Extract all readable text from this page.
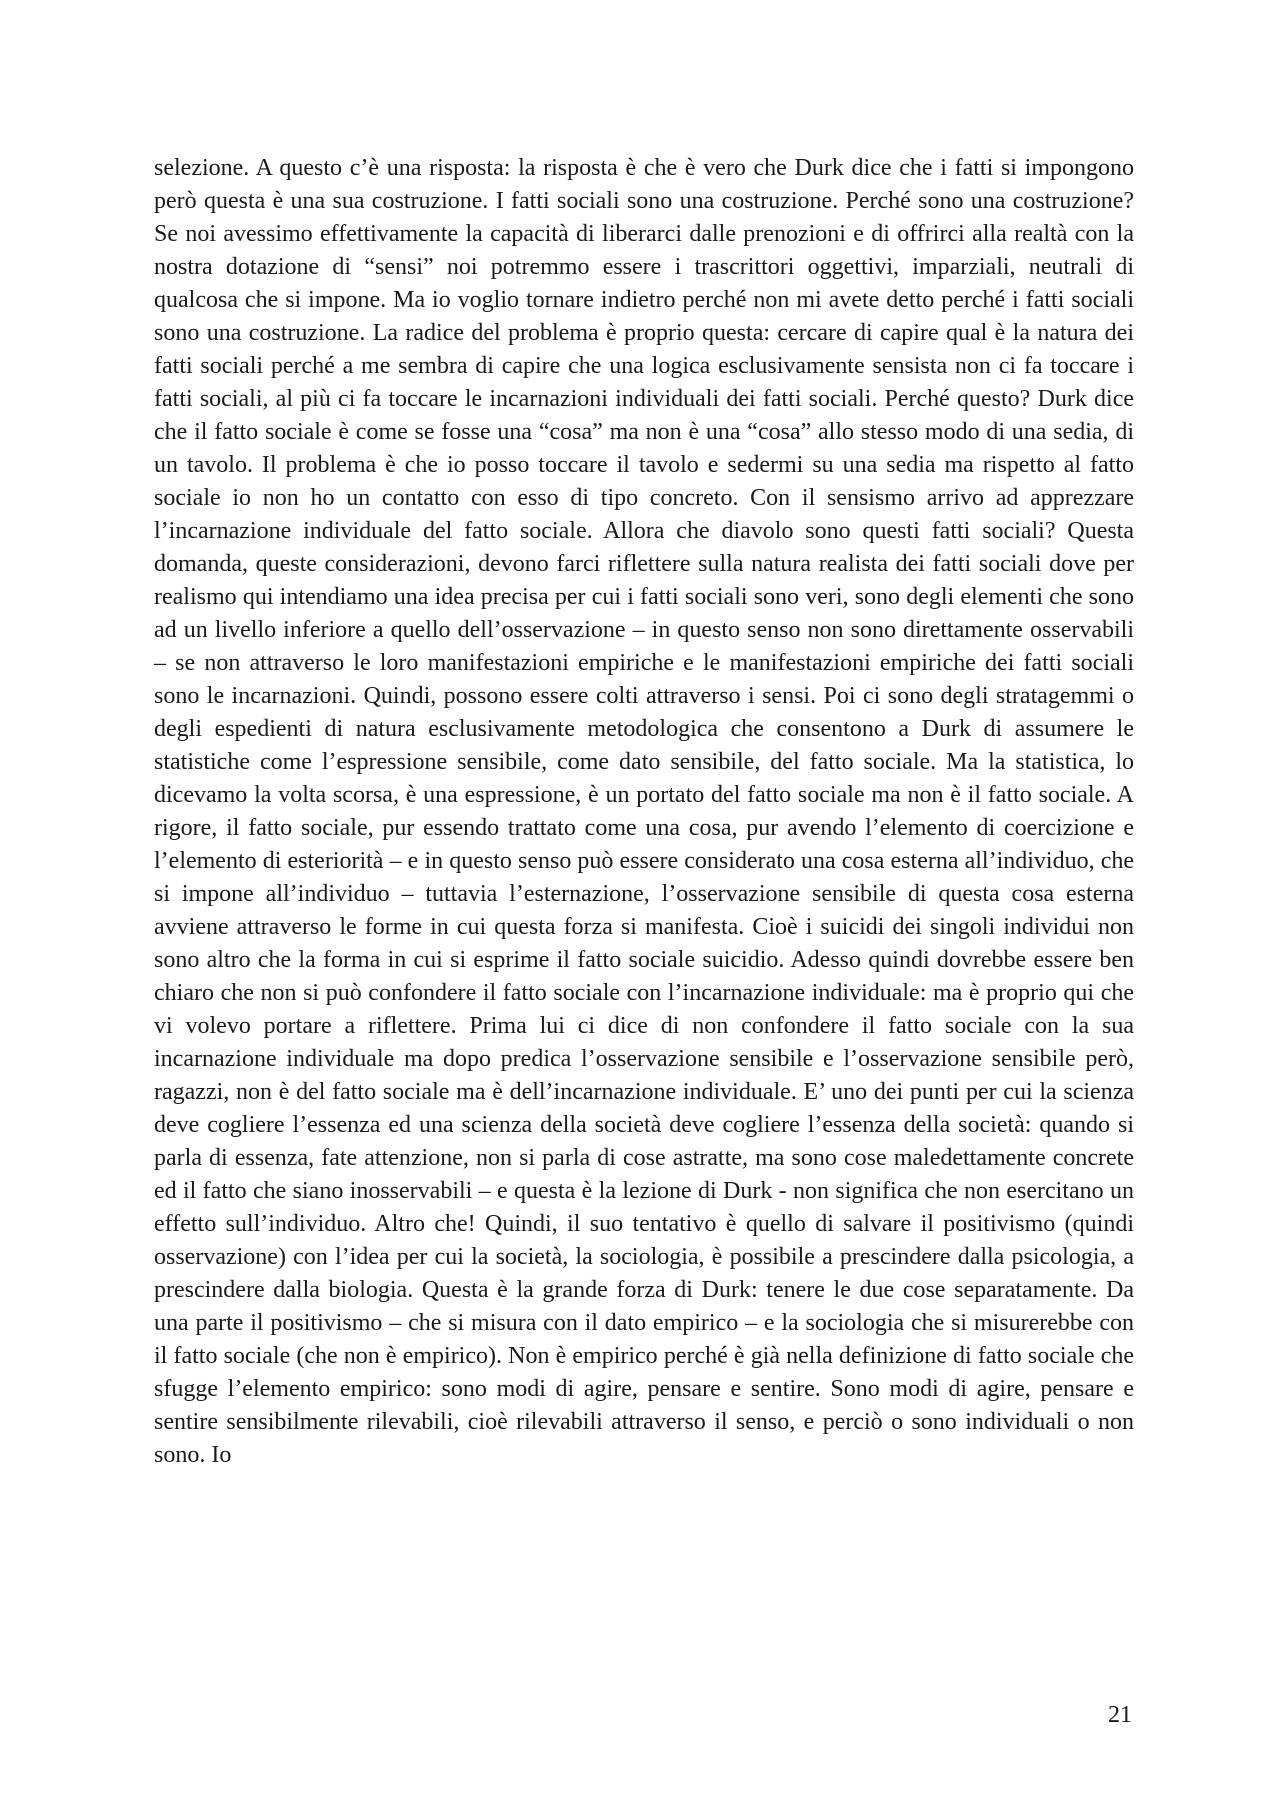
selezione. A questo c’è una risposta: la risposta è che è vero che Durk dice che i fatti si impongono però questa è una sua costruzione. I fatti sociali sono una costruzione. Perché sono una costruzione? Se noi avessimo effettivamente la capacità di liberarci dalle prenozioni e di offrirci alla realtà con la nostra dotazione di “sensi” noi potremmo essere i trascrittori oggettivi, imparziali, neutrali di qualcosa che si impone. Ma io voglio tornare indietro perché non mi avete detto perché i fatti sociali sono una costruzione. La radice del problema è proprio questa: cercare di capire qual è la natura dei fatti sociali perché a me sembra di capire che una logica esclusivamente sensista non ci fa toccare i fatti sociali, al più ci fa toccare le incarnazioni individuali dei fatti sociali. Perché questo? Durk dice che il fatto sociale è come se fosse una “cosa” ma non è una “cosa” allo stesso modo di una sedia, di un tavolo. Il problema è che io posso toccare il tavolo e sedermi su una sedia ma rispetto al fatto sociale io non ho un contatto con esso di tipo concreto. Con il sensismo arrivo ad apprezzare l’incarnazione individuale del fatto sociale. Allora che diavolo sono questi fatti sociali? Questa domanda, queste considerazioni, devono farci riflettere sulla natura realista dei fatti sociali dove per realismo qui intendiamo una idea precisa per cui i fatti sociali sono veri, sono degli elementi che sono ad un livello inferiore a quello dell’osservazione – in questo senso non sono direttamente osservabili – se non attraverso le loro manifestazioni empiriche e le manifestazioni empiriche dei fatti sociali sono le incarnazioni. Quindi, possono essere colti attraverso i sensi. Poi ci sono degli stratagemmi o degli espedienti di natura esclusivamente metodologica che consentono a Durk di assumere le statistiche come l’espressione sensibile, come dato sensibile, del fatto sociale. Ma la statistica, lo dicevamo la volta scorsa, è una espressione, è un portato del fatto sociale ma non è il fatto sociale. A rigore, il fatto sociale, pur essendo trattato come una cosa, pur avendo l’elemento di coercizione e l’elemento di esteriorità – e in questo senso può essere considerato una cosa esterna all’individuo, che si impone all’individuo – tuttavia l’esternazione, l’osservazione sensibile di questa cosa esterna avviene attraverso le forme in cui questa forza si manifesta. Cioè i suicidi dei singoli individui non sono altro che la forma in cui si esprime il fatto sociale suicidio. Adesso quindi dovrebbe essere ben chiaro che non si può confondere il fatto sociale con l’incarnazione individuale: ma è proprio qui che vi volevo portare a riflettere. Prima lui ci dice di non confondere il fatto sociale con la sua incarnazione individuale ma dopo predica l’osservazione sensibile e l’osservazione sensibile però, ragazzi, non è del fatto sociale ma è dell’incarnazione individuale. E’ uno dei punti per cui la scienza deve cogliere l’essenza ed una scienza della società deve cogliere l’essenza della società: quando si parla di essenza, fate attenzione, non si parla di cose astratte, ma sono cose maledettamente concrete ed il fatto che siano inosservabili – e questa è la lezione di Durk - non significa che non esercitano un effetto sull’individuo. Altro che! Quindi, il suo tentativo è quello di salvare il positivismo (quindi osservazione) con l’idea per cui la società, la sociologia, è possibile a prescindere dalla psicologia, a prescindere dalla biologia. Questa è la grande forza di Durk: tenere le due cose separatamente. Da una parte il positivismo – che si misura con il dato empirico – e la sociologia che si misurerebbe con il fatto sociale (che non è empirico). Non è empirico perché è già nella definizione di fatto sociale che sfugge l’elemento empirico: sono modi di agire, pensare e sentire. Sono modi di agire, pensare e sentire sensibilmente rilevabili, cioè rilevabili attraverso il senso, e perciò o sono individuali o non sono. Io

21
